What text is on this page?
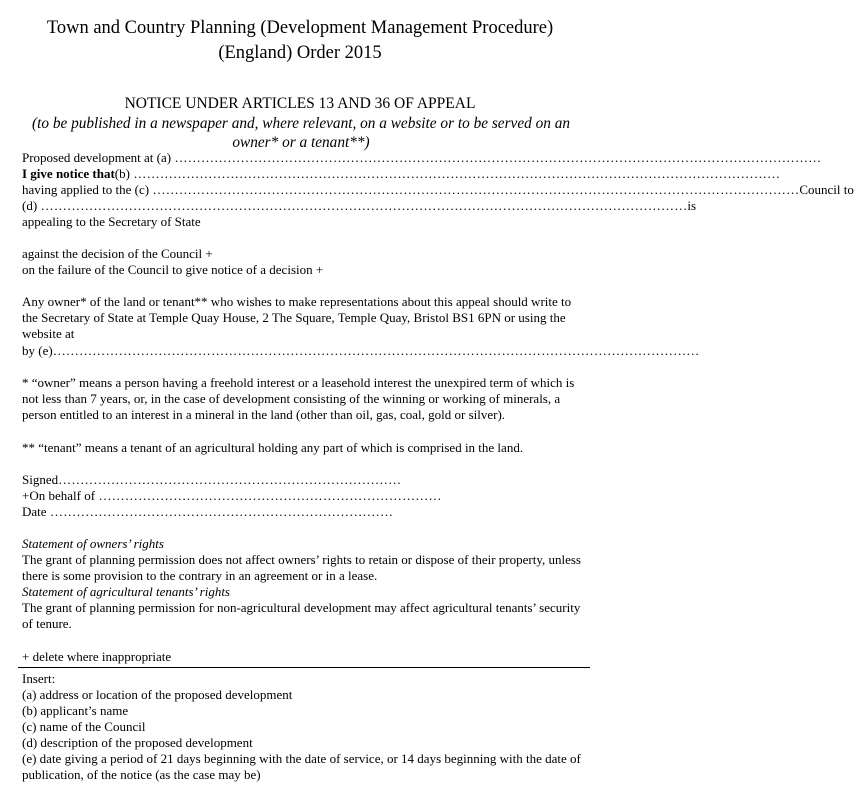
Town and Country Planning (Development Management Procedure)
(England) Order 2015
NOTICE UNDER ARTICLES 13 AND 36 OF APPEAL
(to be published in a newspaper and, where relevant, on a website or to be served on an owner* or a tenant**)
Proposed development at (a) …………………………………………………………………………………………………………………………………
I give notice that (b) …………………………………………………………………………………………………………………………………
having applied to the (c) ………………………………………………………………………………………………………………………………… Council to
(d) ………………………………………………………………………………………………………………………………… is
appealing to the Secretary of State
against the decision of the Council +
on the failure of the Council to give notice of a decision +
Any owner* of the land or tenant** who wishes to make representations about this appeal should write to the Secretary of State at Temple Quay House, 2 The Square, Temple Quay, Bristol BS1 6PN or using the website at
by (e) …………………………………………………………………………………………………………………………………
* “owner” means a person having a freehold interest or a leasehold interest the unexpired term of which is not less than 7 years, or, in the case of development consisting of the winning or working of minerals, a person entitled to an interest in a mineral in the land (other than oil, gas, coal, gold or silver).
** “tenant” means a tenant of an agricultural holding any part of which is comprised in the land.
Signed ……………………………………………………………………
+On behalf of ……………………………………………………………………
Date ……………………………………………………………………
Statement of owners’ rights
The grant of planning permission does not affect owners’ rights to retain or dispose of their property, unless there is some provision to the contrary in an agreement or in a lease.
Statement of agricultural tenants’ rights
The grant of planning permission for non-agricultural development may affect agricultural tenants’ security of tenure.
+ delete where inappropriate
Insert:
(a) address or location of the proposed development
(b) applicant’s name
(c) name of the Council
(d) description of the proposed development
(e) date giving a period of 21 days beginning with the date of service, or 14 days beginning with the date of publication, of the notice (as the case may be)
